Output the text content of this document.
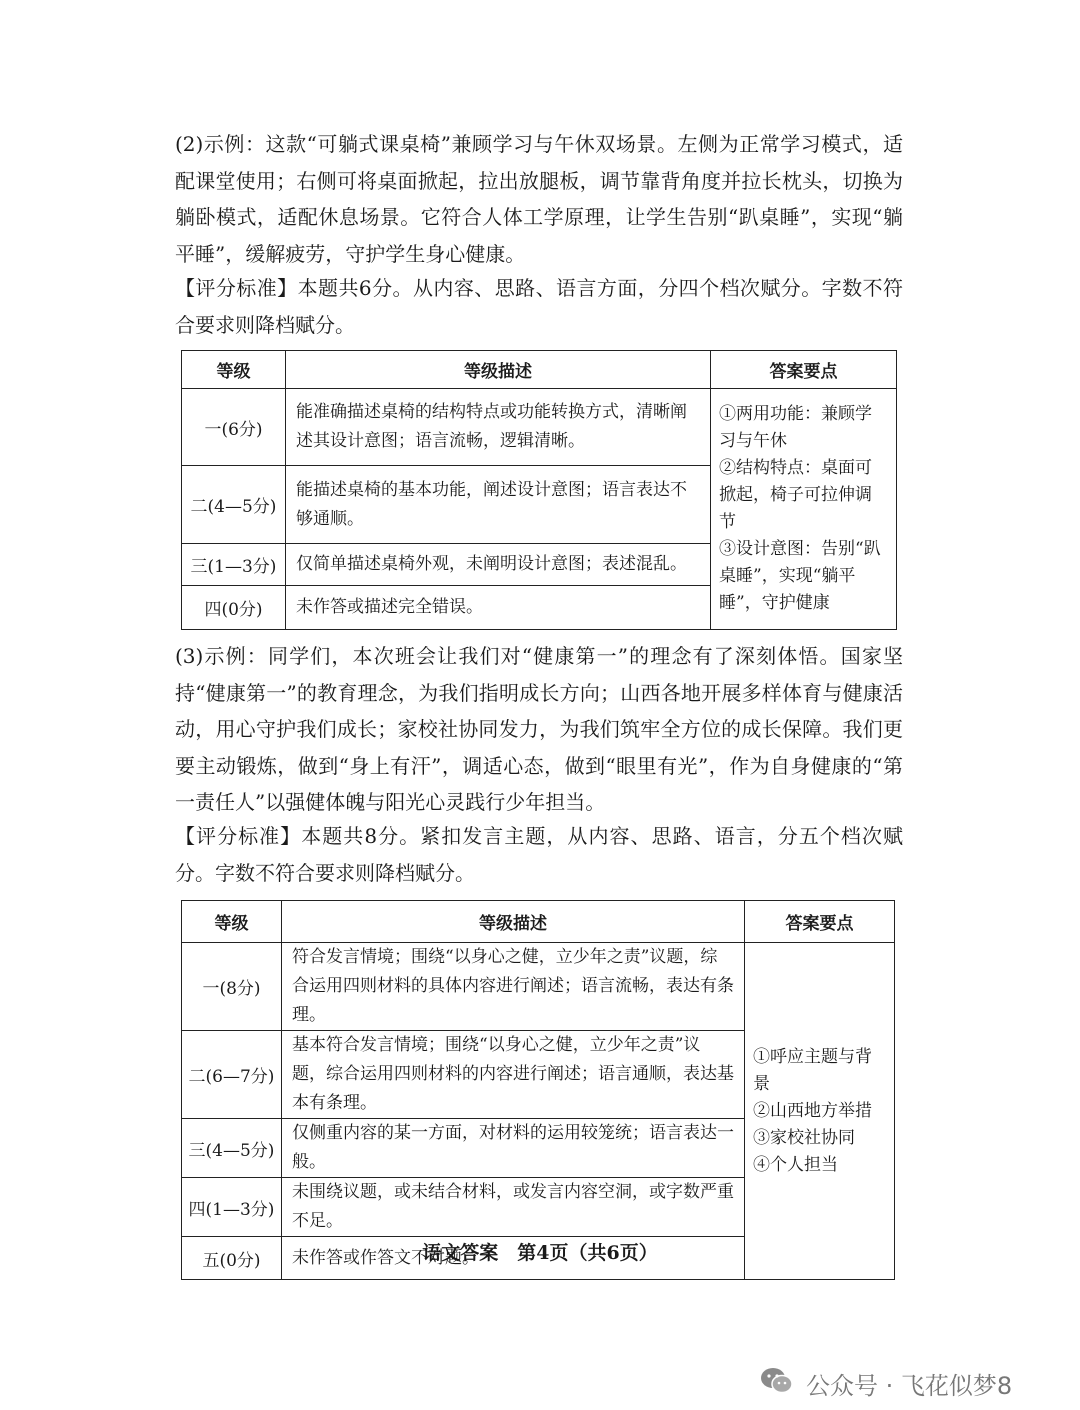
(2)示例：这款“可躺式课桌椅”兼顾学习与午休双场景。左侧为正常学习模式，适配课堂使用；右侧可将桌面掀起，拉出放腿板，调节靠背角度并拉长枕头，切换为躺卧模式，适配休息场景。它符合人体工学原理，让学生告别“趴桌睡”，实现“躺平睡”，缓解疲劳，守护学生身心健康。
【评分标准】本题共6分。从内容、思路、语言方面，分四个档次赋分。字数不符合要求则降档赋分。
等级	等级描述	答案要点
一(6分)	能准确描述桌椅的结构特点或功能转换方式，清晰阐述其设计意图；语言流畅，逻辑清晰。	①两用功能：兼顾学习与午休
②结构特点：桌面可掀起，椅子可拉伸调节
③设计意图：告别“趴桌睡”，实现“躺平睡”，守护健康

二(4—5分)	能描述桌椅的基本功能，阐述设计意图；语言表达不够通顺。	
三(1—3分)	仅简单描述桌椅外观，未阐明设计意图；表述混乱。	
四(0分)	未作答或描述完全错误。	
(3)示例：同学们，本次班会让我们对“健康第一”的理念有了深刻体悟。国家坚持“健康第一”的教育理念，为我们指明成长方向；山西各地开展多样体育与健康活动，用心守护我们成长；家校社协同发力，为我们筑牢全方位的成长保障。我们更要主动锻炼，做到“身上有汗”，调适心态，做到“眼里有光”，作为自身健康的“第一责任人”以强健体魄与阳光心灵践行少年担当。
【评分标准】本题共8分。紧扣发言主题，从内容、思路、语言，分五个档次赋分。字数不符合要求则降档赋分。
等级	等级描述	答案要点
一(8分)	符合发言情境；围绕“以身心之健，立少年之责”议题，综合运用四则材料的具体内容进行阐述；语言流畅，表达有条理。	①呼应主题与背景
②山西地方举措
③家校社协同
④个人担当

二(6—7分)	基本符合发言情境；围绕“以身心之健，立少年之责”议题，综合运用四则材料的内容进行阐述；语言通顺，表达基本有条理。	
三(4—5分)	仅侧重内容的某一方面，对材料的运用较笼统；语言表达一般。	
四(1—3分)	未围绕议题，或未结合材料，或发言内容空洞，或字数严重不足。	
五(0分)	未作答或作答文不对题。	
语文答案　第4页（共6页）
公众号 · 飞花似梦8
